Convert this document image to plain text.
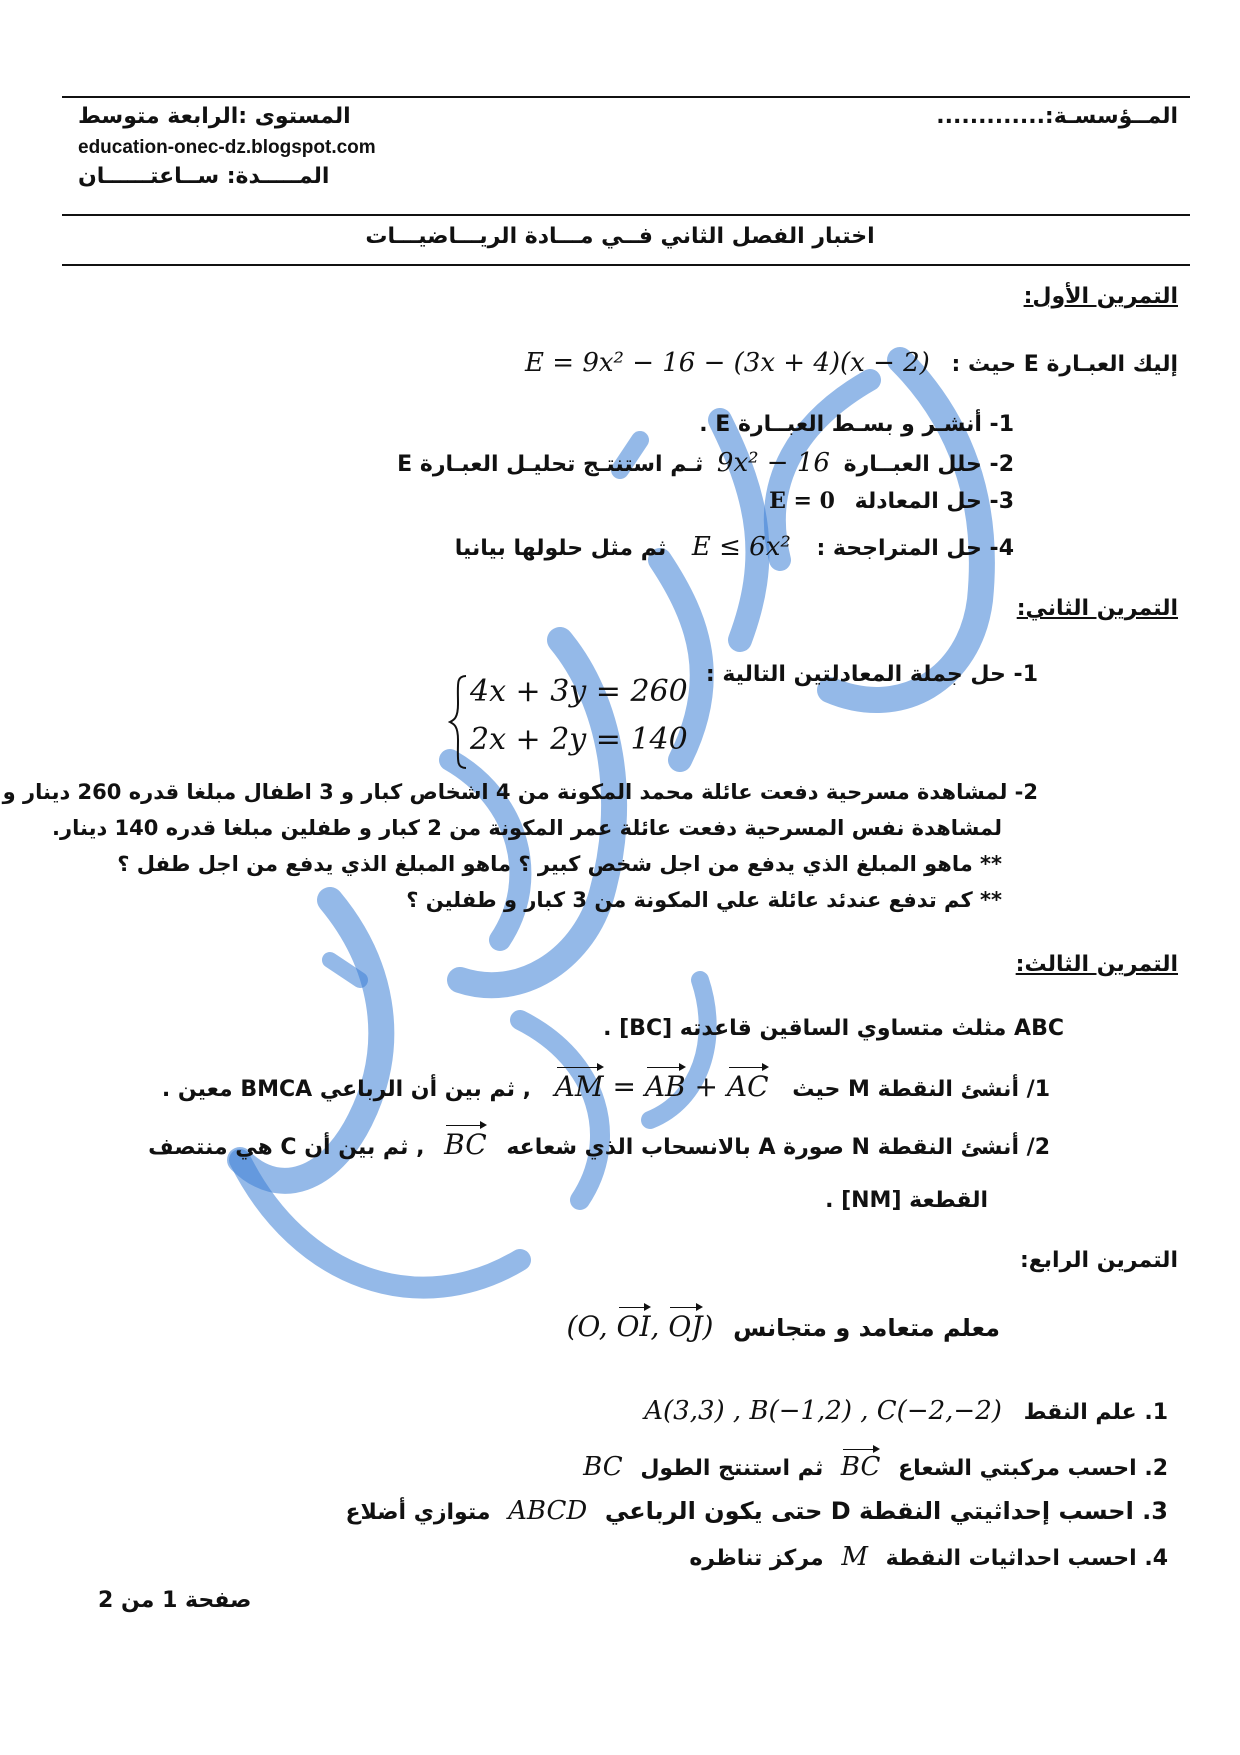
المــؤسسـة:.............
المستوى :الرابعة متوسط
education-onec-dz.blogspot.com
المـــــدة: ســاعتــــــان
اختبار الفصل الثاني فــي مـــادة الريـــاضيـــات
التمرين الأول:
إليك العبـارة E حيث : E = 9x² − 16 − (3x + 4)(x − 2)
1- أنشـر و بسـط العبــارة E .
2- حلل العبــارة 9x² − 16 ثـم استنتـج تحليـل العبـارة E
3- حل المعادلة E = 0
4- حل المتراجحة : E ≤ 6x² ثم مثل حلولها بيانيا
التمرين الثاني:
1- حل جملة المعادلتين التالية :
4x + 3y = 260
2x + 2y = 140
2- لمشاهدة مسرحية دفعت عائلة محمد المكونة من 4 اشخاص كبار و 3 اطفال مبلغا قدره 260 دينار و
لمشاهدة نفس المسرحية دفعت عائلة عمر المكونة من 2 كبار و طفلين مبلغا قدره 140 دينار.
** ماهو المبلغ الذي يدفع من اجل شخص كبير ؟ ماهو المبلغ الذي يدفع من اجل طفل ؟
** كم تدفع عندئد عائلة علي المكونة من 3 كبار و طفلين ؟
التمرين الثالث:
ABC مثلث متساوي الساقين قاعدته [BC] .
1/ أنشئ النقطة M حيث AM = AB + AC , ثم بين أن الرباعي BMCA معين .
2/ أنشئ النقطة N صورة A بالانسحاب الذي شعاعه BC , ثم بين أن C هي منتصف
القطعة [NM] .
التمرين الرابع:
معلم متعامد و متجانس (O, OI, OJ)
1. علم النقط A(3,3) , B(−1,2) , C(−2,−2)
2. احسب مركبتي الشعاع BC ثم استنتج الطول BC
3. احسب إحداثيتي النقطة D حتى يكون الرباعي ABCD متوازي أضلاع
4. احسب احداثيات النقطة M مركز تناظره
صفحة 1 من 2
